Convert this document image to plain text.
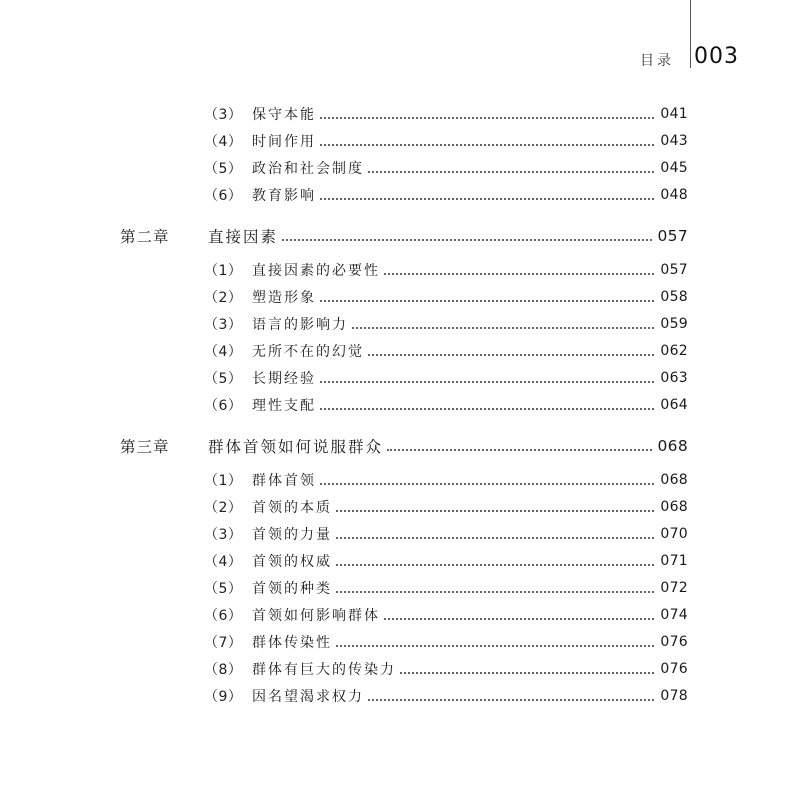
目录 003
（3） 保守本能	041
（4） 时间作用	043
（5） 政治和社会制度	045
（6） 教育影响	048
第二章	直接因素	057
（1） 直接因素的必要性	057
（2） 塑造形象	058
（3） 语言的影响力	059
（4） 无所不在的幻觉	062
（5） 长期经验	063
（6） 理性支配	064
第三章	群体首领如何说服群众	068
（1） 群体首领	068
（2） 首领的本质	068
（3） 首领的力量	070
（4） 首领的权威	071
（5） 首领的种类	072
（6） 首领如何影响群体	074
（7） 群体传染性	076
（8） 群体有巨大的传染力	076
（9） 因名望渴求权力	078
